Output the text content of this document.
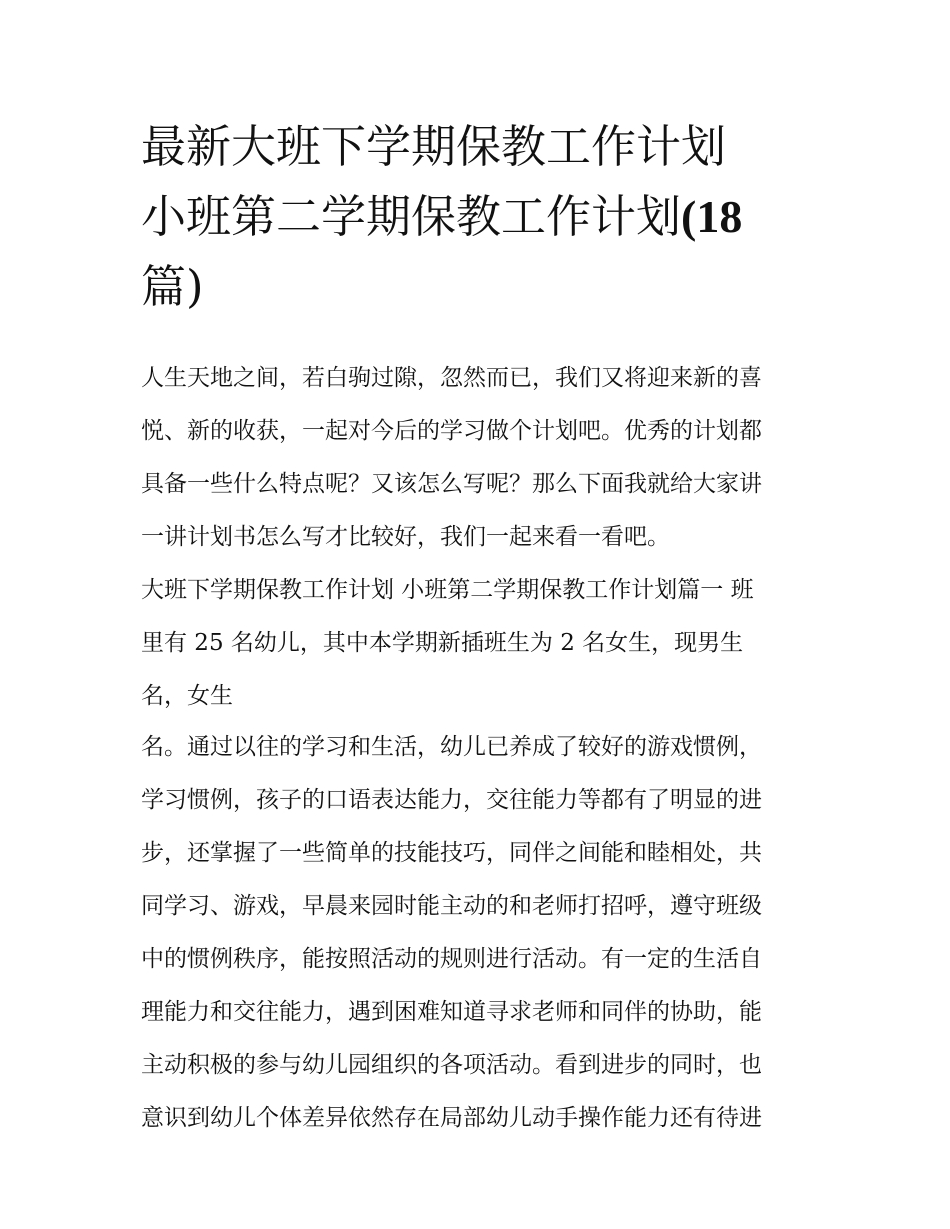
最新大班下学期保教工作计划
小班第二学期保教工作计划(18
篇)
人生天地之间，若白驹过隙，忽然而已，我们又将迎来新的喜
悦、新的收获，一起对今后的学习做个计划吧。优秀的计划都
具备一些什么特点呢？又该怎么写呢？那么下面我就给大家讲
一讲计划书怎么写才比较好，我们一起来看一看吧。
大班下学期保教工作计划 小班第二学期保教工作计划篇一 班
里有 25 名幼儿，其中本学期新插班生为 2 名女生，现男生
名，女生
名。通过以往的学习和生活，幼儿已养成了较好的游戏惯例，
学习惯例，孩子的口语表达能力，交往能力等都有了明显的进
步，还掌握了一些简单的技能技巧，同伴之间能和睦相处，共
同学习、游戏，早晨来园时能主动的和老师打招呼，遵守班级
中的惯例秩序，能按照活动的规则进行活动。有一定的生活自
理能力和交往能力，遇到困难知道寻求老师和同伴的协助，能
主动积极的参与幼儿园组织的各项活动。看到进步的同时，也
意识到幼儿个体差异依然存在局部幼儿动手操作能力还有待进
